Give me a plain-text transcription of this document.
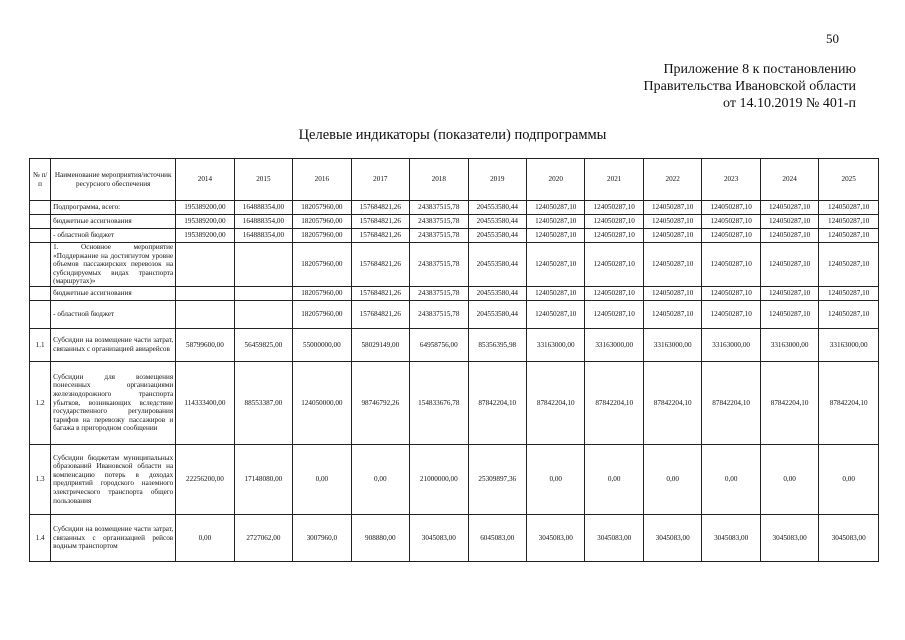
50
Приложение 8 к постановлению
Правительства Ивановской области
от 14.10.2019 № 401-п
Целевые индикаторы (показатели) подпрограммы
№ п/п	Наименование мероприятия/источник ресурсного обеспечения	2014	2015	2016	2017	2018	2019	2020	2021	2022	2023	2024	2025
	Подпрограмма, всего:	195389200,00	164888354,00	182057960,00	157684821,26	243837515,78	204553580,44	124050287,10	124050287,10	124050287,10	124050287,10	124050287,10	124050287,10
	бюджетные ассигнования	195389200,00	164888354,00	182057960,00	157684821,26	243837515,78	204553580,44	124050287,10	124050287,10	124050287,10	124050287,10	124050287,10	124050287,10
	- областной бюджет	195389200,00	164888354,00	182057960,00	157684821,26	243837515,78	204553580,44	124050287,10	124050287,10	124050287,10	124050287,10	124050287,10	124050287,10
	1. Основное мероприятие «Поддержание на достигнутом уровне объемов пассажирских перевозок на субсидируемых видах транспорта (маршрутах)»			182057960,00	157684821,26	243837515,78	204553580,44	124050287,10	124050287,10	124050287,10	124050287,10	124050287,10	124050287,10
	бюджетные ассигнования			182057960,00	157684821,26	243837515,78	204553580,44	124050287,10	124050287,10	124050287,10	124050287,10	124050287,10	124050287,10
	- областной бюджет			182057960,00	157684821,26	243837515,78	204553580,44	124050287,10	124050287,10	124050287,10	124050287,10	124050287,10	124050287,10
1.1	Субсидии на возмещение части затрат, связанных с организацией авиарейсов	58799600,00	56459825,00	55000000,00	58029149,00	64958756,00	85356395,98	33163000,00	33163000,00	33163000,00	33163000,00	33163000,00	33163000,00
1.2	Субсидии для возмещения понесенных организациями железнодорожного транспорта убытков, возникающих вследствие государственного регулирования тарифов на перевозку пассажиров и багажа в пригородном сообщении	114333400,00	88553387,00	124050000,00	98746792,26	154833676,78	87842204,10	87842204,10	87842204,10	87842204,10	87842204,10	87842204,10	87842204,10
1.3	Субсидии бюджетам муниципальных образований Ивановской области на компенсацию потерь в доходах предприятий городского наземного электрического транспорта общего пользования	22256200,00	17148080,00	0,00	0,00	21000000,00	25309897,36	0,00	0,00	0,00	0,00	0,00	0,00
1.4	Субсидии на возмещение части затрат, связанных с организацией рейсов водным транспортом	0,00	2727062,00	3007960,0	908880,00	3045083,00	6045083,00	3045083,00	3045083,00	3045083,00	3045083,00	3045083,00	3045083,00
